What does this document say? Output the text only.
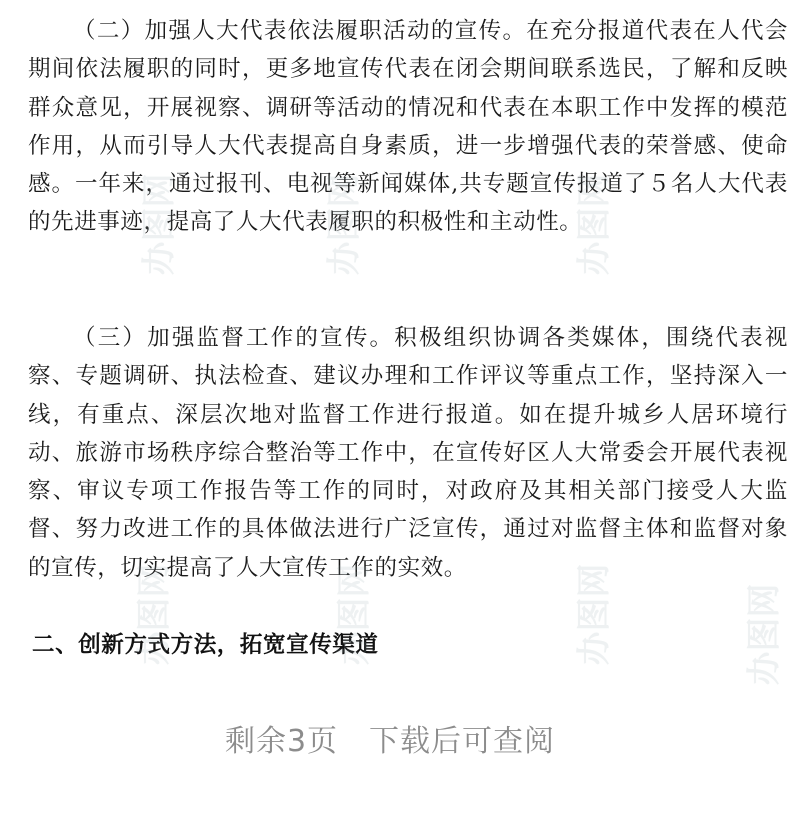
（二）加强人大代表依法履职活动的宣传。在充分报道代表在人代会期间依法履职的同时，更多地宣传代表在闭会期间联系选民，了解和反映群众意见，开展视察、调研等活动的情况和代表在本职工作中发挥的模范作用，从而引导人大代表提高自身素质，进一步增强代表的荣誉感、使命感。一年来，通过报刊、电视等新闻媒体,共专题宣传报道了５名人大代表的先进事迹，提高了人大代表履职的积极性和主动性。

（三）加强监督工作的宣传。积极组织协调各类媒体，围绕代表视察、专题调研、执法检查、建议办理和工作评议等重点工作，坚持深入一线，有重点、深层次地对监督工作进行报道。如在提升城乡人居环境行动、旅游市场秩序综合整治等工作中，在宣传好区人大常委会开展代表视察、审议专项工作报告等工作的同时，对政府及其相关部门接受人大监督、努力改进工作的具体做法进行广泛宣传，通过对监督主体和监督对象的宣传，切实提高了人大宣传工作的实效。

二、创新方式方法，拓宽宣传渠道
剩余3页　下载后可查阅
办图网	办图网	办图网
办图网	办图网	办图网	办图网
